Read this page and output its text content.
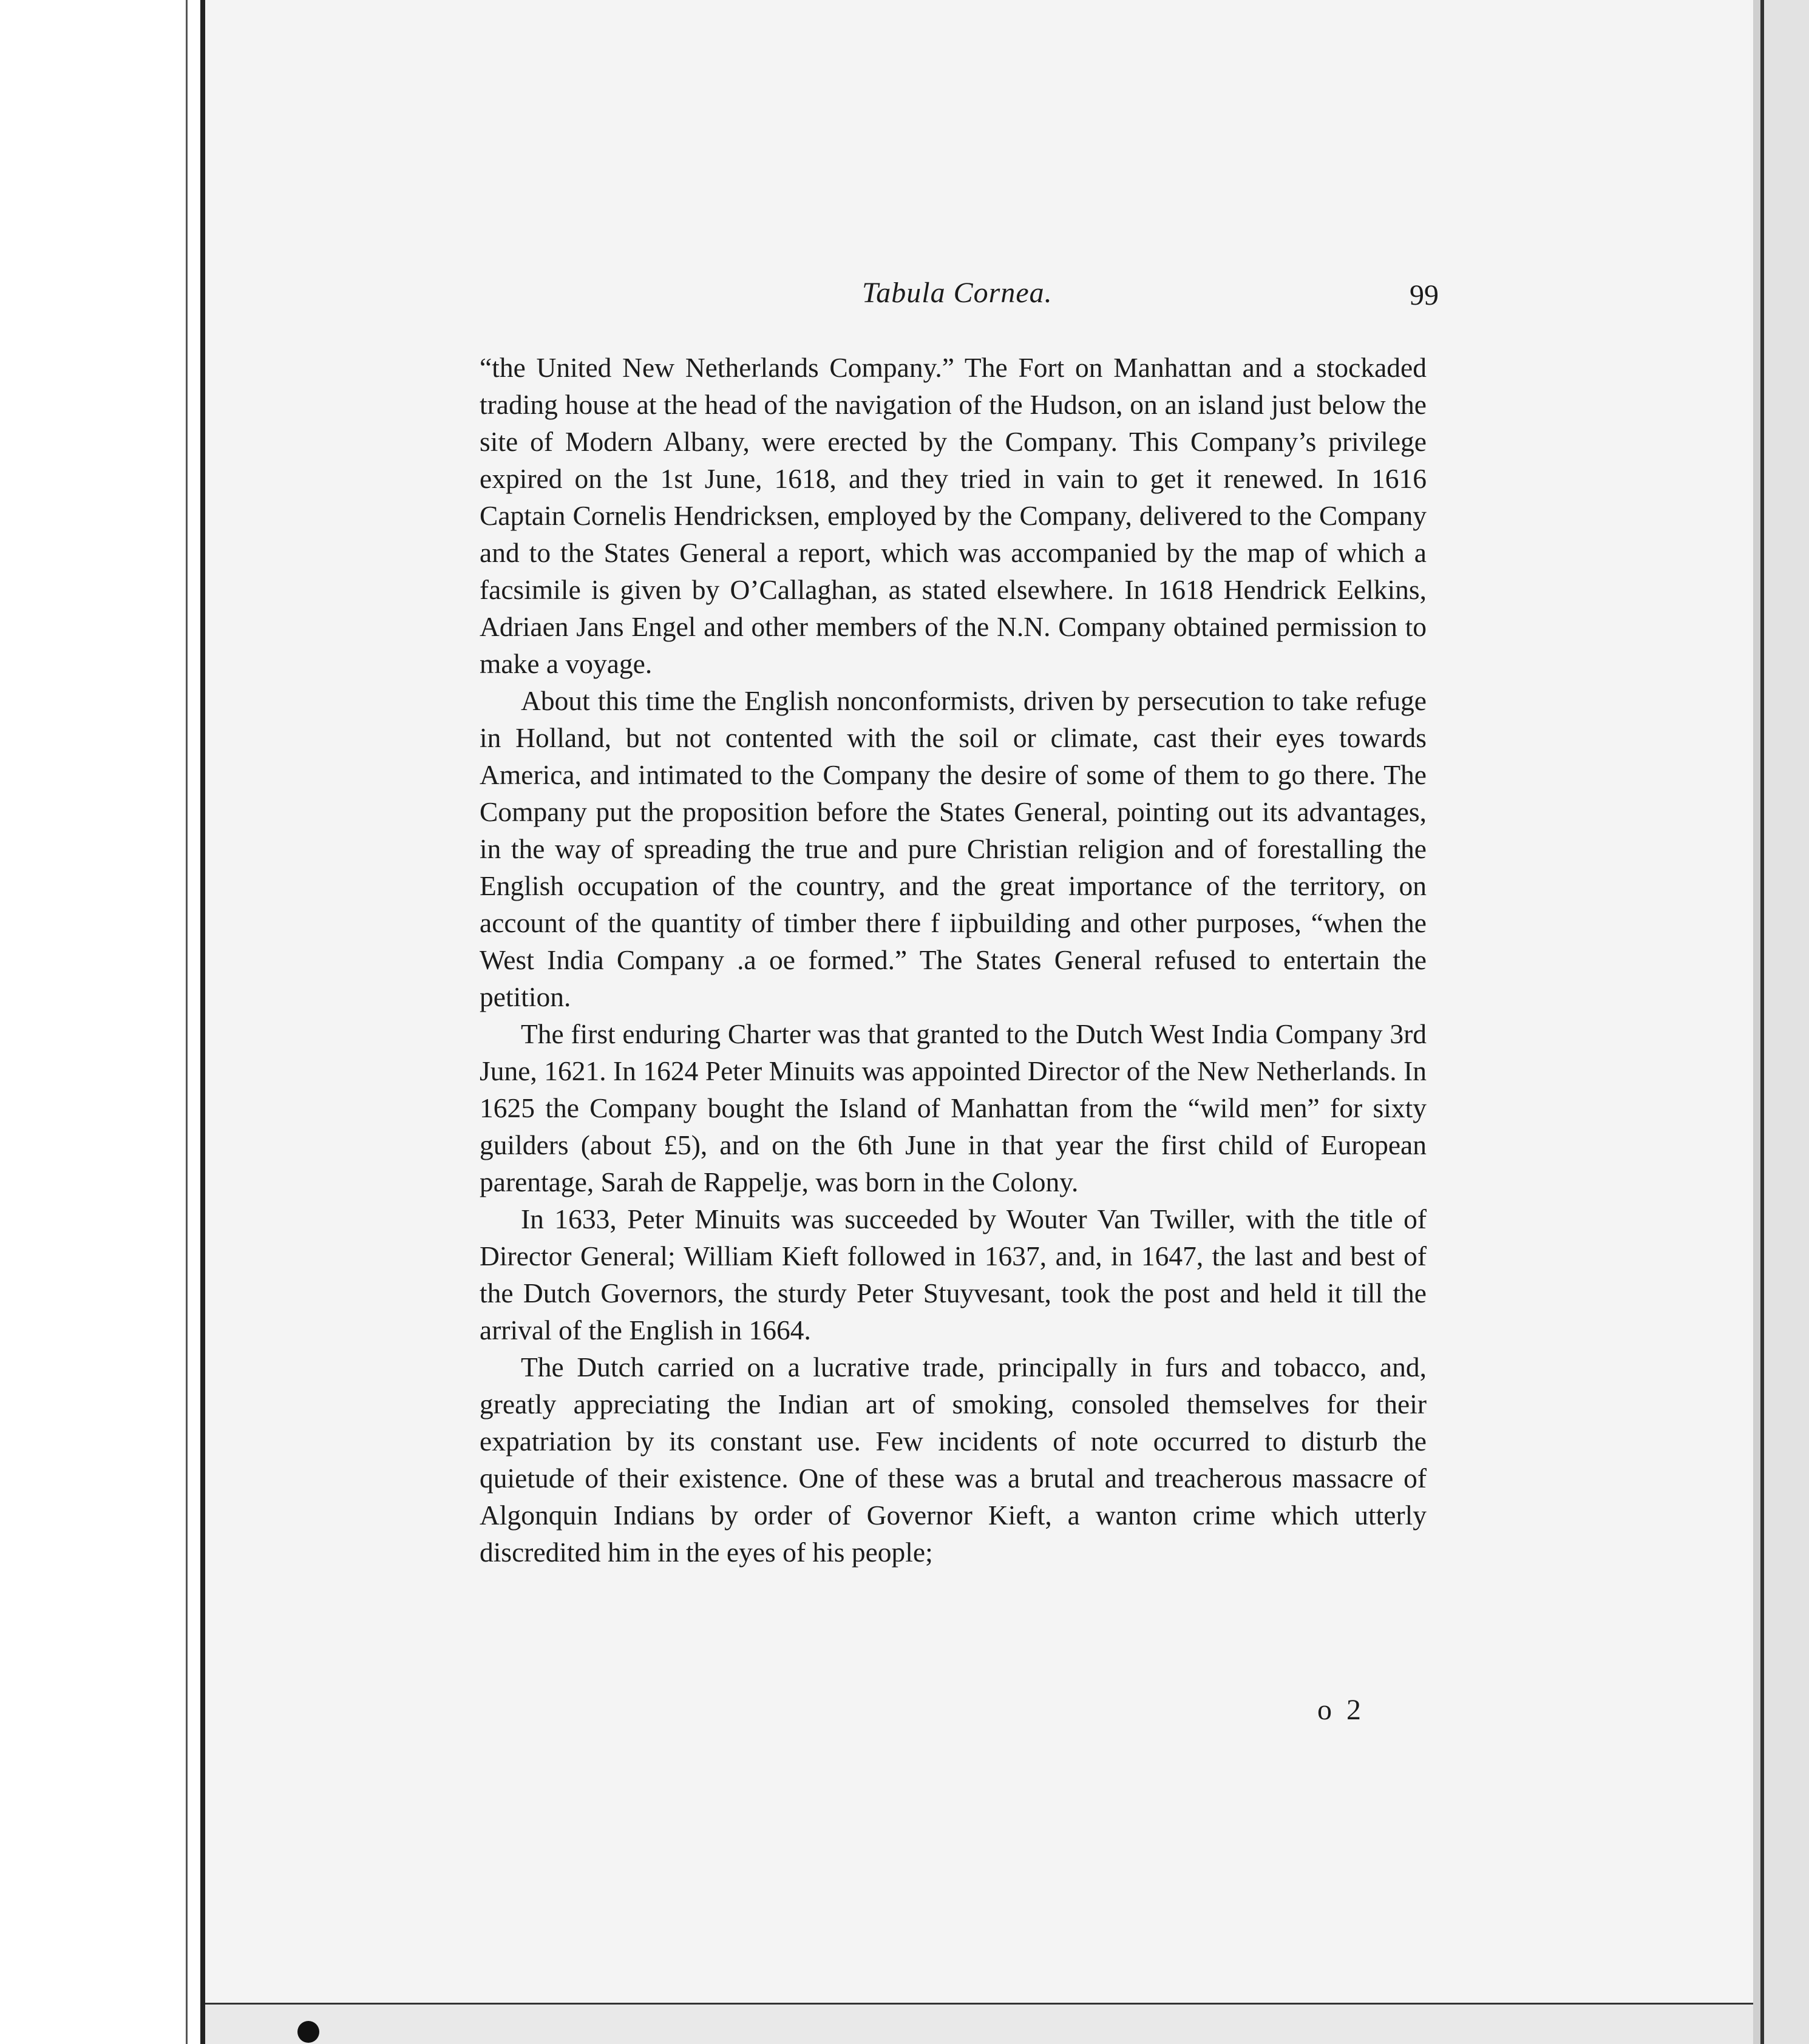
Tabula Cornea.	99

“the United New Netherlands Company.” The Fort on Manhattan and a stockaded trading house at the head of the navigation of the Hudson, on an island just below the site of Modern Albany, were erected by the Company. This Company’s privilege expired on the 1st June, 1618, and they tried in vain to get it renewed. In 1616 Captain Cornelis Hendricksen, employed by the Company, delivered to the Company and to the States General a report, which was accompanied by the map of which a facsimile is given by O’Callaghan, as stated elsewhere. In 1618 Hendrick Eelkins, Adriaen Jans Engel and other members of the N.N. Company obtained permission to make a voyage.

About this time the English nonconformists, driven by persecution to take refuge in Holland, but not contented with the soil or climate, cast their eyes towards America, and intimated to the Company the desire of some of them to go there. The Company put the proposition before the States General, pointing out its advantages, in the way of spreading the true and pure Christian religion and of forestalling the English occupation of the country, and the great importance of the territory, on account of the quantity of timber there f iipbuilding and other purposes, “when the West India Company .a oe formed.” The States General refused to entertain the petition.

The first enduring Charter was that granted to the Dutch West India Company 3rd June, 1621. In 1624 Peter Minuits was appointed Director of the New Netherlands. In 1625 the Company bought the Island of Manhattan from the “wild men” for sixty guilders (about £5), and on the 6th June in that year the first child of European parentage, Sarah de Rappelje, was born in the Colony.

In 1633, Peter Minuits was succeeded by Wouter Van Twiller, with the title of Director General; William Kieft followed in 1637, and, in 1647, the last and best of the Dutch Governors, the sturdy Peter Stuyvesant, took the post and held it till the arrival of the English in 1664.

The Dutch carried on a lucrative trade, principally in furs and tobacco, and, greatly appreciating the Indian art of smoking, consoled themselves for their expatriation by its constant use. Few incidents of note occurred to disturb the quietude of their existence. One of these was a brutal and treacherous massacre of Algonquin Indians by order of Governor Kieft, a wanton crime which utterly discredited him in the eyes of his people;

o 2
